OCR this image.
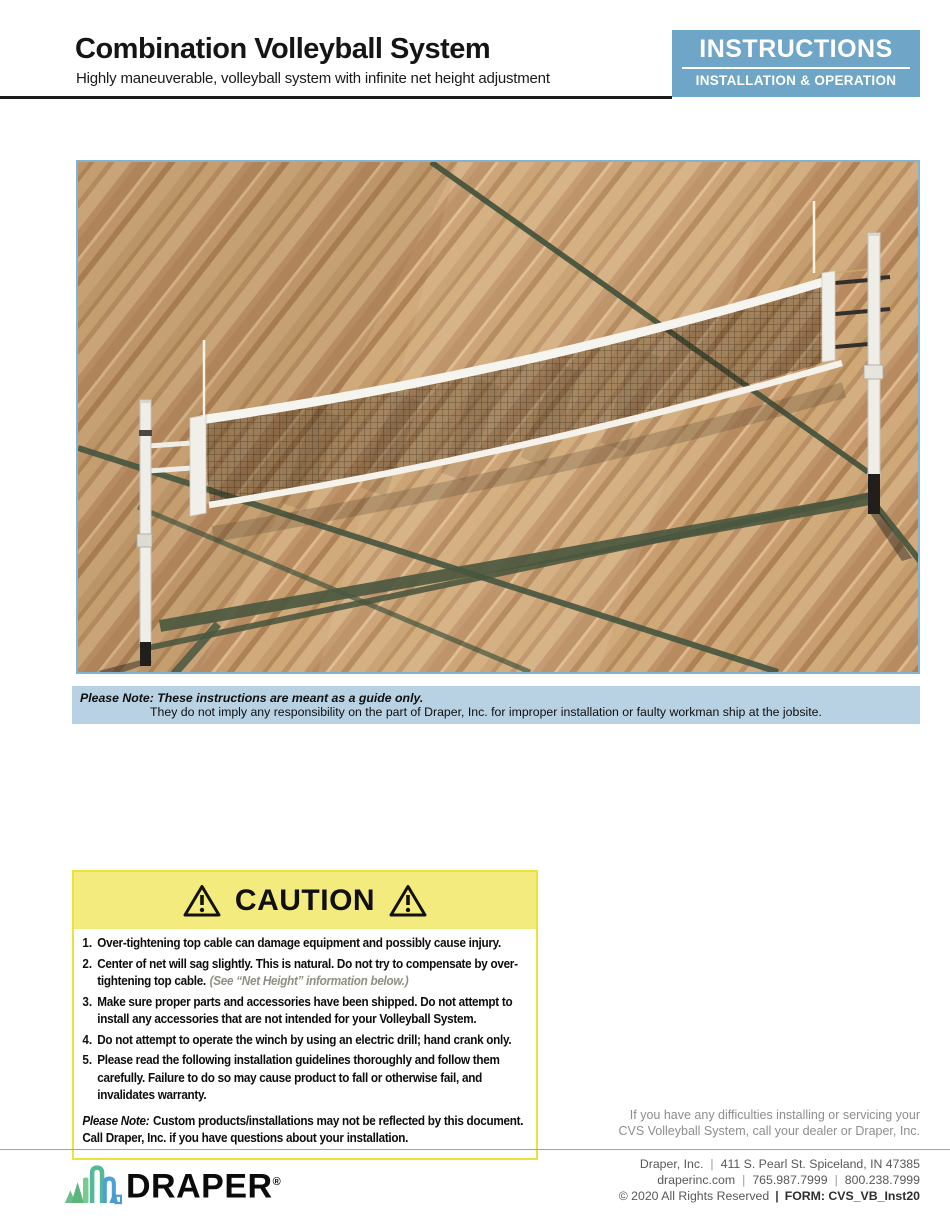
Combination Volleyball System
Highly maneuverable, volleyball system with infinite net height adjustment
INSTRUCTIONS
INSTALLATION & OPERATION
Please Note: These instructions are meant as a guide only.
They do not imply any responsibility on the part of Draper, Inc. for improper installation or faulty workman ship at the jobsite.
CAUTION
1. Over-tightening top cable can damage equipment and possibly cause injury.
2. Center of net will sag slightly. This is natural. Do not try to compensate by over-tightening top cable. (See “Net Height” information below.)
3. Make sure proper parts and accessories have been shipped. Do not attempt to install any accessories that are not intended for your Volleyball System.
4. Do not attempt to operate the winch by using an electric drill; hand crank only.
5. Please read the following installation guidelines thoroughly and follow them carefully. Failure to do so may cause product to fall or otherwise fail, and invalidates warranty.

Please Note: Custom products/installations may not be reflected by this document. Call Draper, Inc. if you have questions about your installation.

If you have any difficulties installing or servicing your
CVS Volleyball System, call your dealer or Draper, Inc.
DRAPER®
Draper, Inc. | 411 S. Pearl St. Spiceland, IN 47385
draperinc.com | 765.987.7999 | 800.238.7999
© 2020 All Rights Reserved | FORM: CVS_VB_Inst20
